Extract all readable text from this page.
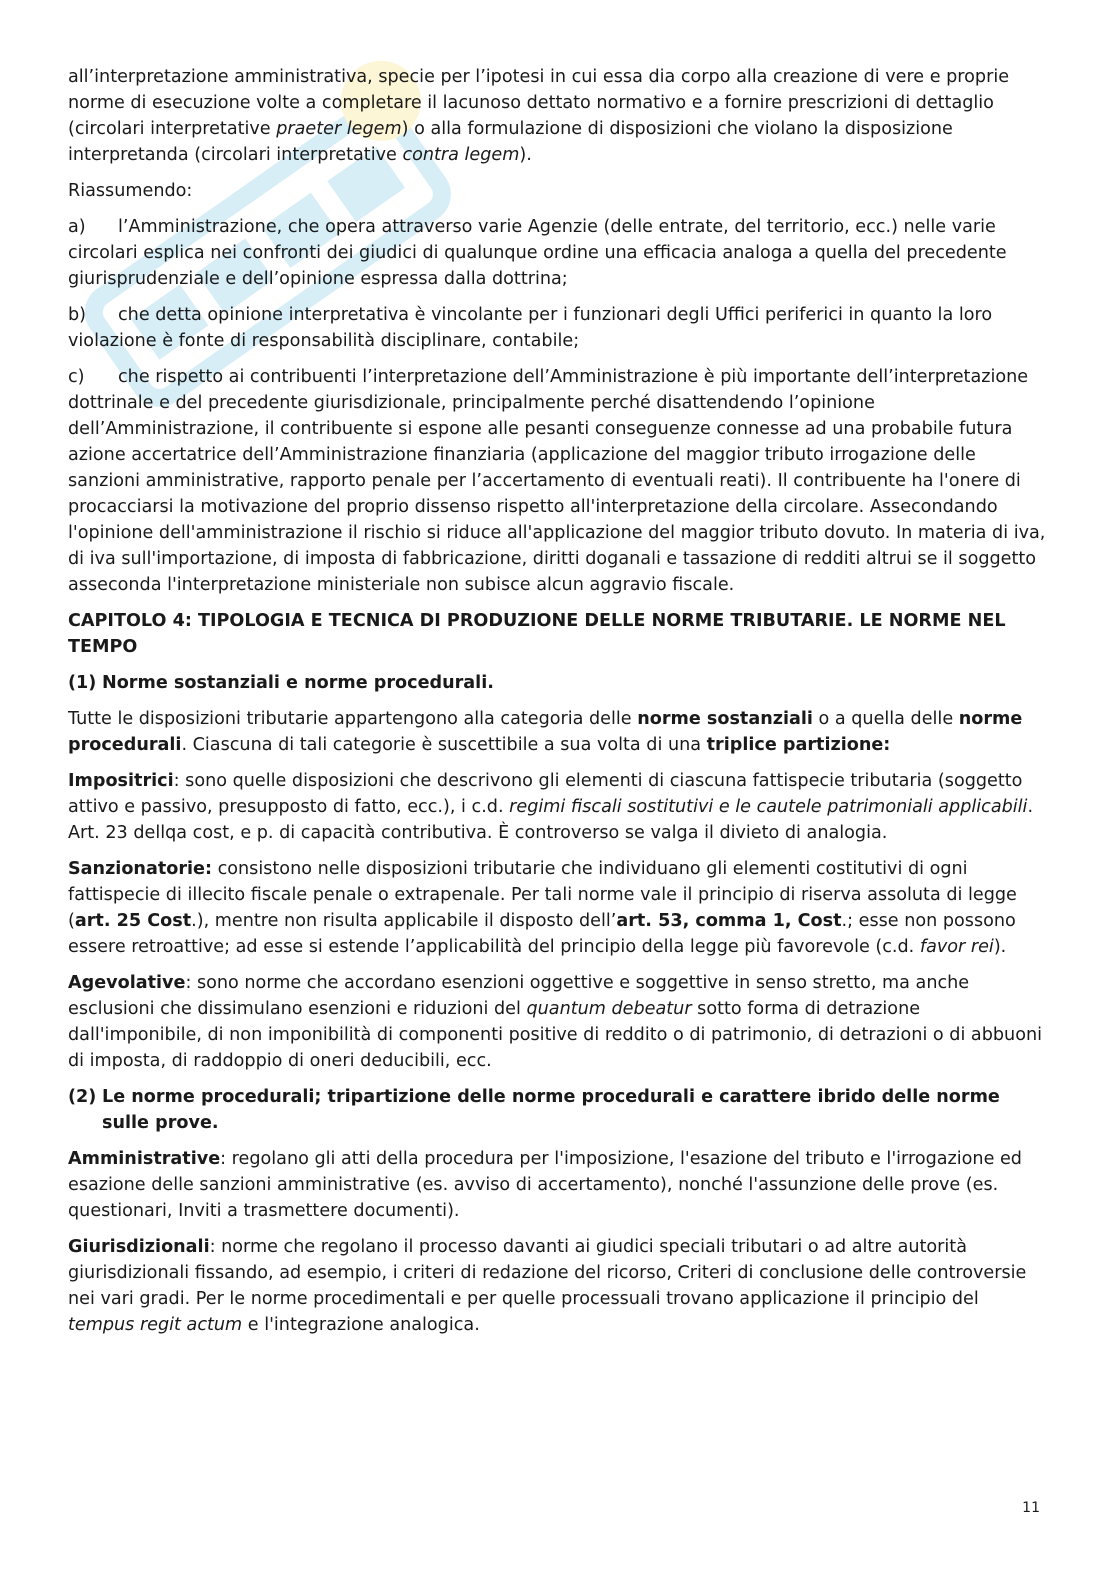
all’interpretazione amministrativa, specie per l’ipotesi in cui essa dia corpo alla creazione di vere e proprie norme di esecuzione volte a completare il lacunoso dettato normativo e a fornire prescrizioni di dettaglio (circolari interpretative praeter legem) o alla formulazione di disposizioni che violano la disposizione interpretanda (circolari interpretative contra legem).

Riassumendo:

a) l’Amministrazione, che opera attraverso varie Agenzie (delle entrate, del territorio, ecc.) nelle varie circolari esplica nei confronti dei giudici di qualunque ordine una efficacia analoga a quella del precedente giurisprudenziale e dell’opinione espressa dalla dottrina;

b) che detta opinione interpretativa è vincolante per i funzionari degli Uffici periferici in quanto la loro violazione è fonte di responsabilità disciplinare, contabile;

c) che rispetto ai contribuenti l’interpretazione dell’Amministrazione è più importante dell’interpretazione dottrinale e del precedente giurisdizionale, principalmente perché disattendendo l’opinione dell’Amministrazione, il contribuente si espone alle pesanti conseguenze connesse ad una probabile futura azione accertatrice dell’Amministrazione finanziaria (applicazione del maggior tributo irrogazione delle sanzioni amministrative, rapporto penale per l’accertamento di eventuali reati). Il contribuente ha l'onere di procacciarsi la motivazione del proprio dissenso rispetto all'interpretazione della circolare. Assecondando l'opinione dell'amministrazione il rischio si riduce all'applicazione del maggior tributo dovuto. In materia di iva, di iva sull'importazione, di imposta di fabbricazione, diritti doganali e tassazione di redditi altrui se il soggetto asseconda l'interpretazione ministeriale non subisce alcun aggravio fiscale.

CAPITOLO 4: TIPOLOGIA E TECNICA DI PRODUZIONE DELLE NORME TRIBUTARIE. LE NORME NEL TEMPO

(1) Norme sostanziali e norme procedurali.

Tutte le disposizioni tributarie appartengono alla categoria delle norme sostanziali o a quella delle norme procedurali. Ciascuna di tali categorie è suscettibile a sua volta di una triplice partizione:

Impositrici: sono quelle disposizioni che descrivono gli elementi di ciascuna fattispecie tributaria (soggetto attivo e passivo, presupposto di fatto, ecc.), i c.d. regimi fiscali sostitutivi e le cautele patrimoniali applicabili. Art. 23 dellqa cost, e p. di capacità contributiva. È controverso se valga il divieto di analogia.

Sanzionatorie: consistono nelle disposizioni tributarie che individuano gli elementi costitutivi di ogni fattispecie di illecito fiscale penale o extrapenale. Per tali norme vale il principio di riserva assoluta di legge (art. 25 Cost.), mentre non risulta applicabile il disposto dell’art. 53, comma 1, Cost.; esse non possono essere retroattive; ad esse si estende l’applicabilità del principio della legge più favorevole (c.d. favor rei).

Agevolative: sono norme che accordano esenzioni oggettive e soggettive in senso stretto, ma anche esclusioni che dissimulano esenzioni e riduzioni del quantum debeatur sotto forma di detrazione dall'imponibile, di non imponibilità di componenti positive di reddito o di patrimonio, di detrazioni o di abbuoni di imposta, di raddoppio di oneri deducibili, ecc.

(2) Le norme procedurali; tripartizione delle norme procedurali e carattere ibrido delle norme sulle prove.

Amministrative: regolano gli atti della procedura per l'imposizione, l'esazione del tributo e l'irrogazione ed esazione delle sanzioni amministrative (es. avviso di accertamento), nonché l'assunzione delle prove (es. questionari, Inviti a trasmettere documenti).

Giurisdizionali: norme che regolano il processo davanti ai giudici speciali tributari o ad altre autorità giurisdizionali fissando, ad esempio, i criteri di redazione del ricorso, Criteri di conclusione delle controversie nei vari gradi. Per le norme procedimentali e per quelle processuali trovano applicazione il principio del tempus regit actum e l'integrazione analogica.

11
